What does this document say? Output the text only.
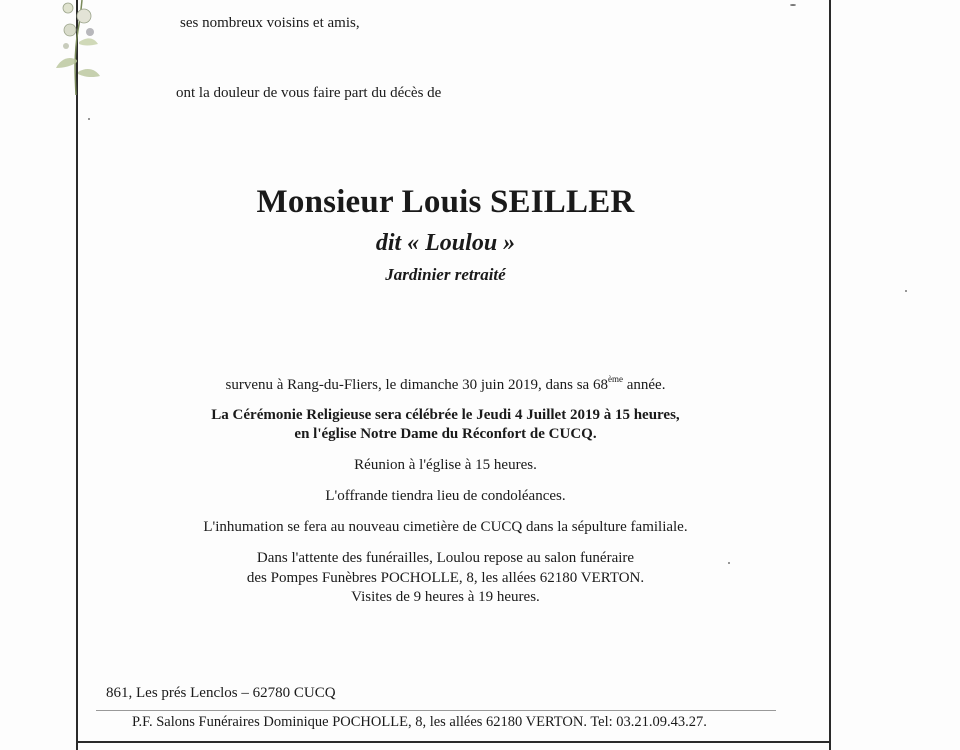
ses nombreux voisins et amis,
ont la douleur de vous faire part du décès de
Monsieur Louis SEILLER
dit « Loulou »
Jardinier retraité
survenu à Rang-du-Fliers, le dimanche 30 juin 2019, dans sa 68ème année.
La Cérémonie Religieuse sera célébrée le Jeudi 4 Juillet 2019 à 15 heures,
en l'église Notre Dame du Réconfort de CUCQ.
Réunion à l'église à 15 heures.
L'offrande tiendra lieu de condoléances.
L'inhumation se fera au nouveau cimetière de CUCQ dans la sépulture familiale.
Dans l'attente des funérailles, Loulou repose au salon funéraire
des Pompes Funèbres POCHOLLE, 8, les allées 62180 VERTON.
Visites de 9 heures à 19 heures.
861, Les prés Lenclos – 62780 CUCQ
P.F. Salons Funéraires Dominique POCHOLLE, 8, les allées 62180 VERTON. Tel: 03.21.09.43.27.
